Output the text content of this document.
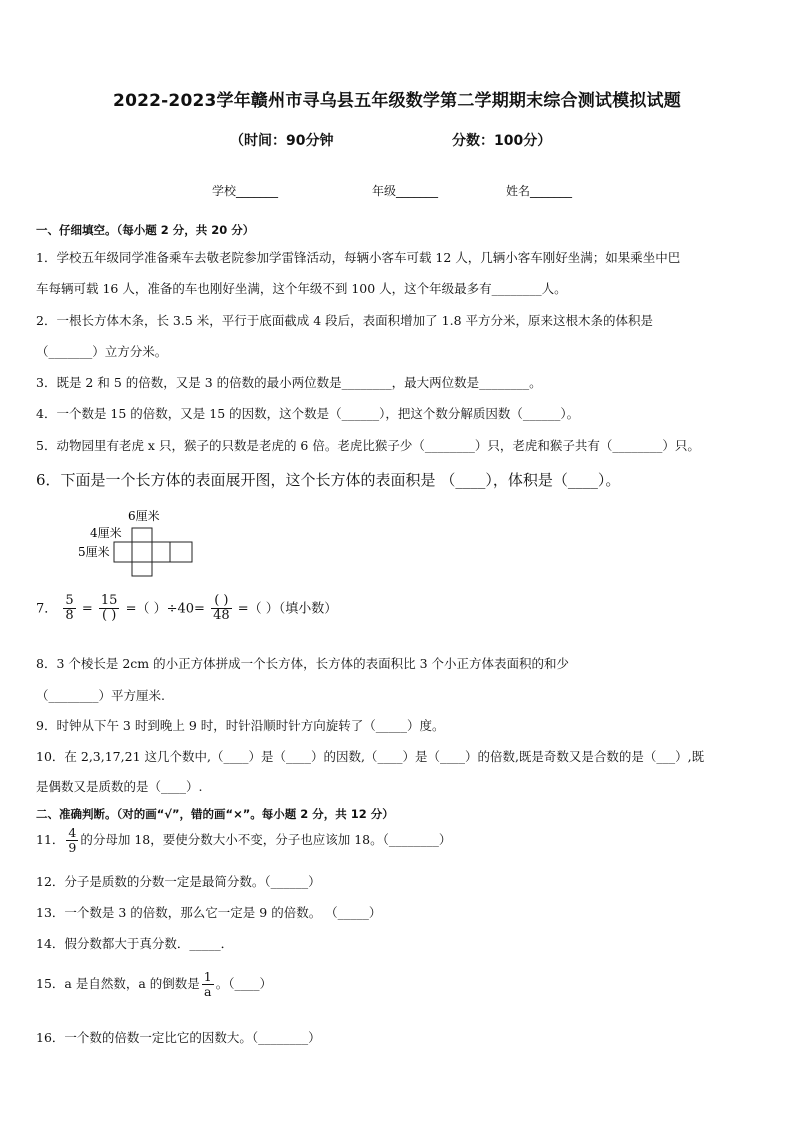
2022-2023学年赣州市寻乌县五年级数学第二学期期末综合测试模拟试题
（时间：90分钟	分数：100分）
学校_______	年级_______	姓名_______
一、仔细填空。（每小题 2 分，共 20 分）
1．学校五年级同学准备乘车去敬老院参加学雷锋活动，每辆小客车可载 12 人，几辆小客车刚好坐满；如果乘坐中巴
车每辆可载 16 人，准备的车也刚好坐满，这个年级不到 100 人，这个年级最多有________人。
2．一根长方体木条，长 3.5 米，平行于底面截成 4 段后，表面积增加了 1.8 平方分米，原来这根木条的体积是
（_______）立方分米。
3．既是 2 和 5 的倍数，又是 3 的倍数的最小两位数是________，最大两位数是________。
4．一个数是 15 的倍数，又是 15 的因数，这个数是（______），把这个数分解质因数（______）。
5．动物园里有老虎 x 只，猴子的只数是老虎的 6 倍。老虎比猴子少（________）只，老虎和猴子共有（________）只。
6．下面是一个长方体的表面展开图，这个长方体的表面积是 （____），体积是（____）。
6厘米
4厘米
5厘米
7． $\frac{5}{8} = \frac{15}{( )}$ =（ ）$\div 40= \frac{( )}{48}$ =（ ）（填小数）
8．3 个棱长是 2cm 的小正方体拼成一个长方体，长方体的表面积比 3 个小正方体表面积的和少
（________）平方厘米.
9．时钟从下午 3 时到晚上 9 时，时针沿顺时针方向旋转了（_____）度。
10．在 2,3,17,21 这几个数中,（____）是（____）的因数,（____）是（____）的倍数,既是奇数又是合数的是（___）,既
是偶数又是质数的是（____）.
二、准确判断。（对的画“√”，错的画“×”。每小题 2 分，共 12 分）
11． $\frac{4}{9}$ 的分母加 18，要使分数大小不变，分子也应该加 18。（________）
12．分子是质数的分数一定是最简分数。（______）
13．一个数是 3 的倍数，那么它一定是 9 的倍数。 （_____）
14．假分数都大于真分数．_____．
15．a 是自然数，a 的倒数是 $\frac{1}{a}$ 。（____）
16．一个数的倍数一定比它的因数大。（________）
